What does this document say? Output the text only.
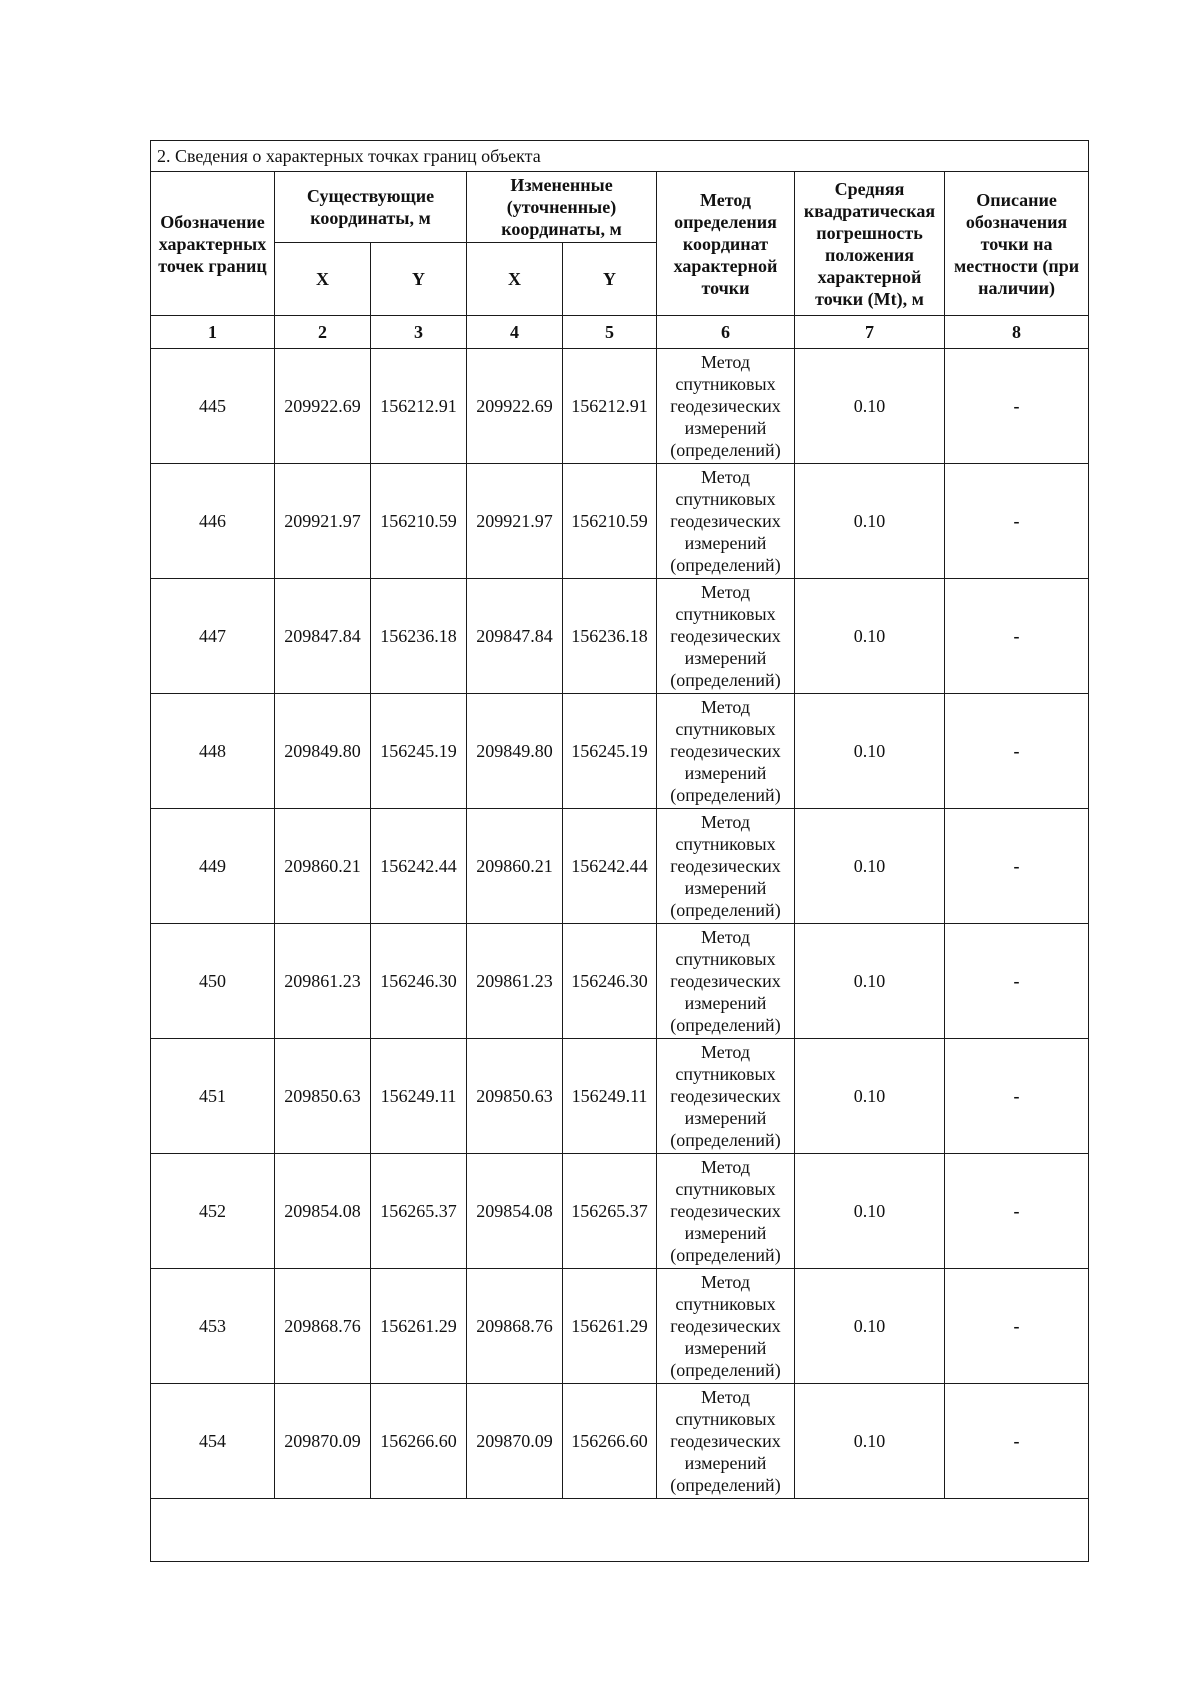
2. Сведения о характерных точках границ объекта							
Обозначение характерных точек границ	Существующие координаты, м		Измененные (уточненные) координаты, м		Метод определения координат характерной точки	Средняя квадратическая погрешность положения характерной точки (Mt), м	Описание обозначения точки на местности (при наличии)
	X	Y	X	Y			
1	2	3	4	5	6	7	8
445	209922.69	156212.91	209922.69	156212.91	Метод спутниковых геодезических измерений (определений)	0.10	-
446	209921.97	156210.59	209921.97	156210.59	Метод спутниковых геодезических измерений (определений)	0.10	-
447	209847.84	156236.18	209847.84	156236.18	Метод спутниковых геодезических измерений (определений)	0.10	-
448	209849.80	156245.19	209849.80	156245.19	Метод спутниковых геодезических измерений (определений)	0.10	-
449	209860.21	156242.44	209860.21	156242.44	Метод спутниковых геодезических измерений (определений)	0.10	-
450	209861.23	156246.30	209861.23	156246.30	Метод спутниковых геодезических измерений (определений)	0.10	-
451	209850.63	156249.11	209850.63	156249.11	Метод спутниковых геодезических измерений (определений)	0.10	-
452	209854.08	156265.37	209854.08	156265.37	Метод спутниковых геодезических измерений (определений)	0.10	-
453	209868.76	156261.29	209868.76	156261.29	Метод спутниковых геодезических измерений (определений)	0.10	-
454	209870.09	156266.60	209870.09	156266.60	Метод спутниковых геодезических измерений (определений)	0.10	-
